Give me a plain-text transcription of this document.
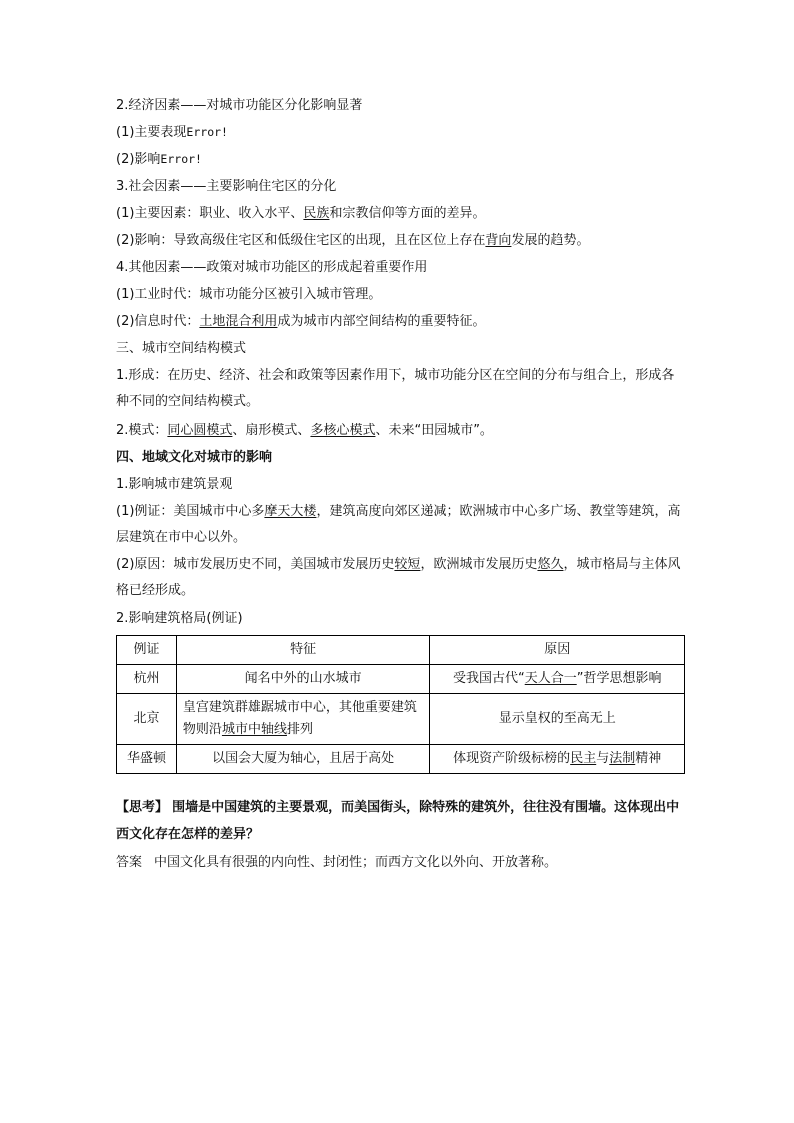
2.经济因素——对城市功能区分化影响显著
(1)主要表现Error!
(2)影响Error!
3.社会因素——主要影响住宅区的分化
(1)主要因素：职业、收入水平、民族和宗教信仰等方面的差异。
(2)影响：导致高级住宅区和低级住宅区的出现，且在区位上存在背向发展的趋势。
4.其他因素——政策对城市功能区的形成起着重要作用
(1)工业时代：城市功能分区被引入城市管理。
(2)信息时代：土地混合利用成为城市内部空间结构的重要特征。
三、城市空间结构模式
1.形成：在历史、经济、社会和政策等因素作用下，城市功能分区在空间的分布与组合上，形成各种不同的空间结构模式。
2.模式：同心圆模式、扇形模式、多核心模式、未来“田园城市”。
四、地域文化对城市的影响
1.影响城市建筑景观
(1)例证：美国城市中心多摩天大楼，建筑高度向郊区递减；欧洲城市中心多广场、教堂等建筑，高层建筑在市中心以外。
(2)原因：城市发展历史不同，美国城市发展历史较短，欧洲城市发展历史悠久，城市格局与主体风格已经形成。
2.影响建筑格局(例证)
例证	特征	原因
杭州	闻名中外的山水城市	受我国古代“天人合一”哲学思想影响
北京	皇宫建筑群雄踞城市中心，其他重要建筑物则沿城市中轴线排列	显示皇权的至高无上
华盛顿	以国会大厦为轴心，且居于高处	体现资产阶级标榜的民主与法制精神
【思考】 围墙是中国建筑的主要景观，而美国街头，除特殊的建筑外，往往没有围墙。这体现出中西文化存在怎样的差异？
答案 中国文化具有很强的内向性、封闭性；而西方文化以外向、开放著称。
